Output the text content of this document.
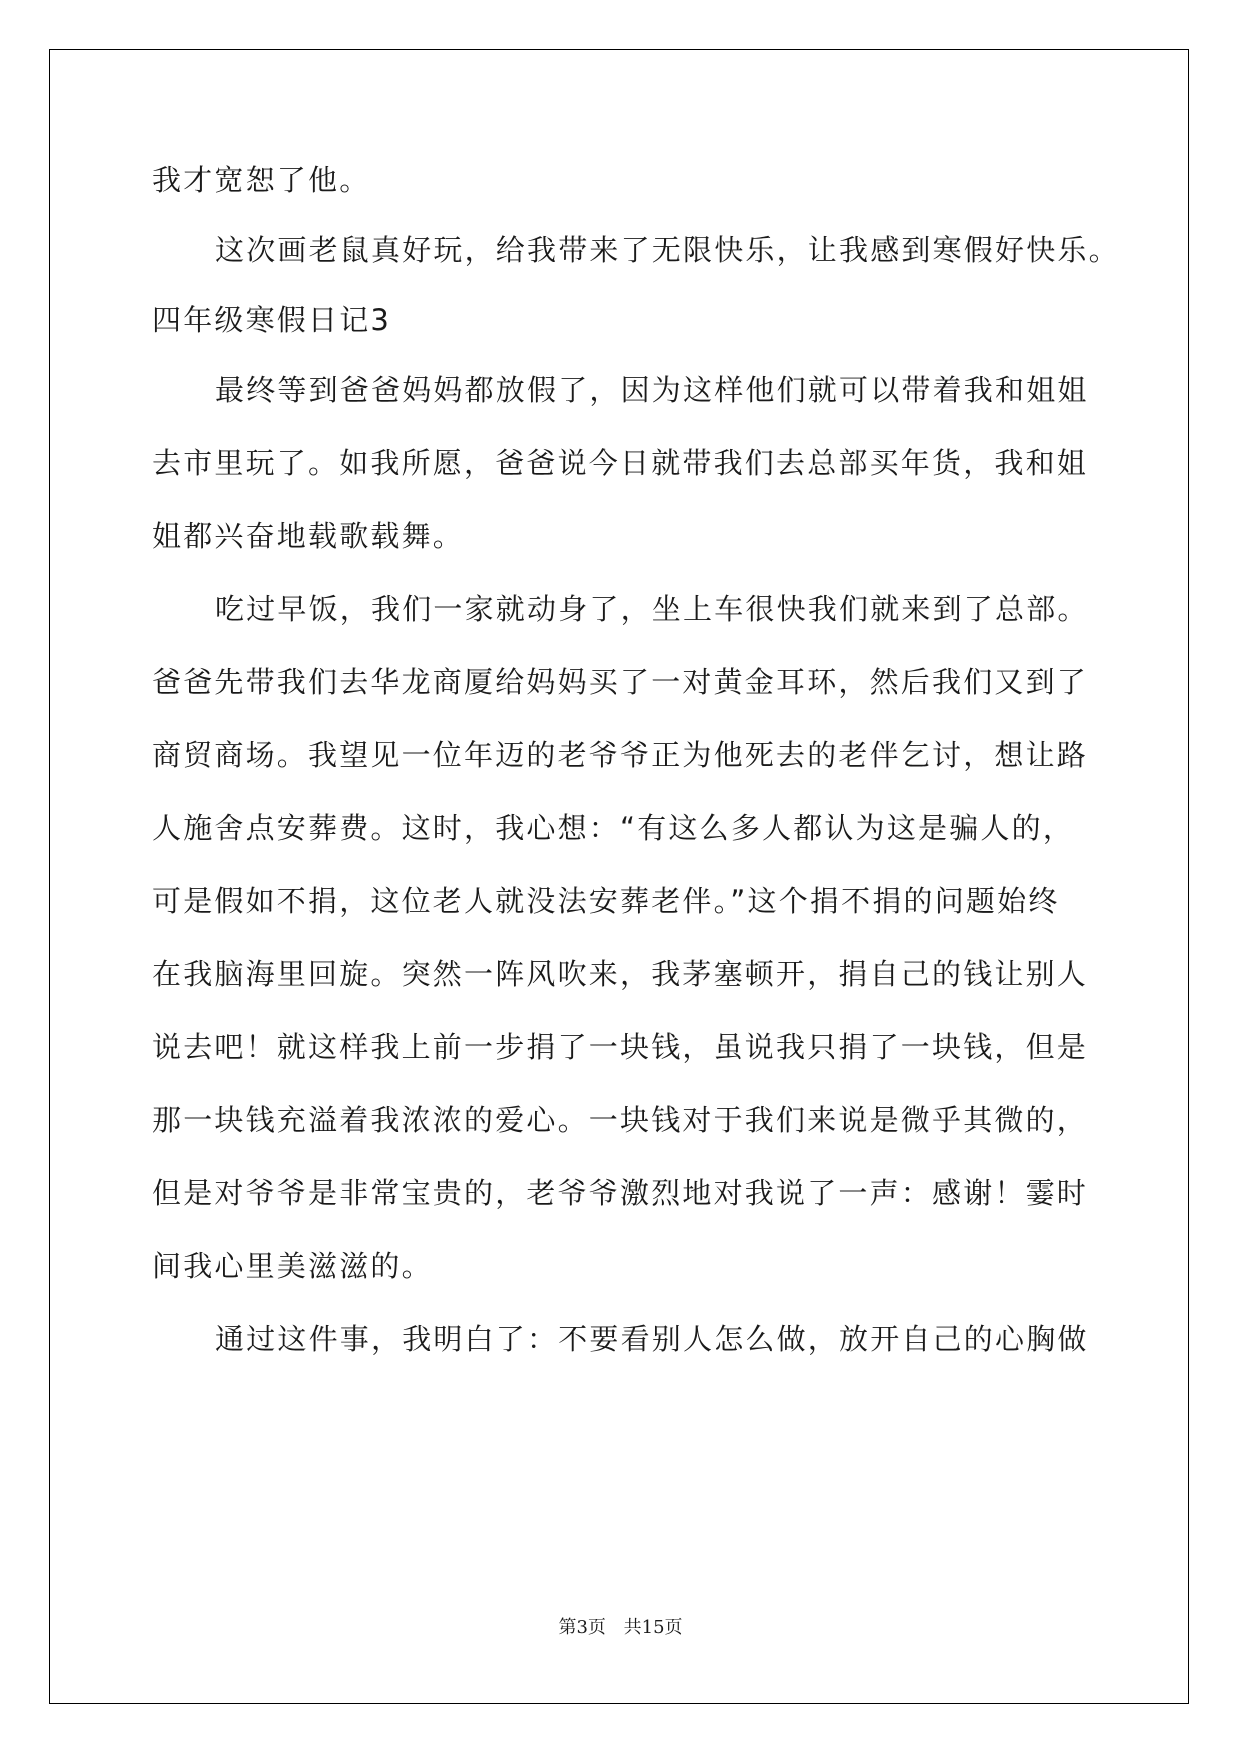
我才宽恕了他。
这次画老鼠真好玩，给我带来了无限快乐，让我感到寒假好快乐。
四年级寒假日记3
最终等到爸爸妈妈都放假了，因为这样他们就可以带着我和姐姐
去市里玩了。如我所愿，爸爸说今日就带我们去总部买年货，我和姐
姐都兴奋地载歌载舞。
吃过早饭，我们一家就动身了，坐上车很快我们就来到了总部。
爸爸先带我们去华龙商厦给妈妈买了一对黄金耳环，然后我们又到了
商贸商场。我望见一位年迈的老爷爷正为他死去的老伴乞讨，想让路
人施舍点安葬费。这时，我心想：“有这么多人都认为这是骗人的，
可是假如不捐，这位老人就没法安葬老伴。”这个捐不捐的问题始终
在我脑海里回旋。突然一阵风吹来，我茅塞顿开，捐自己的钱让别人
说去吧！就这样我上前一步捐了一块钱，虽说我只捐了一块钱，但是
那一块钱充溢着我浓浓的爱心。一块钱对于我们来说是微乎其微的，
但是对爷爷是非常宝贵的，老爷爷激烈地对我说了一声：感谢！霎时
间我心里美滋滋的。
通过这件事，我明白了：不要看别人怎么做，放开自己的心胸做
第3页 共15页
